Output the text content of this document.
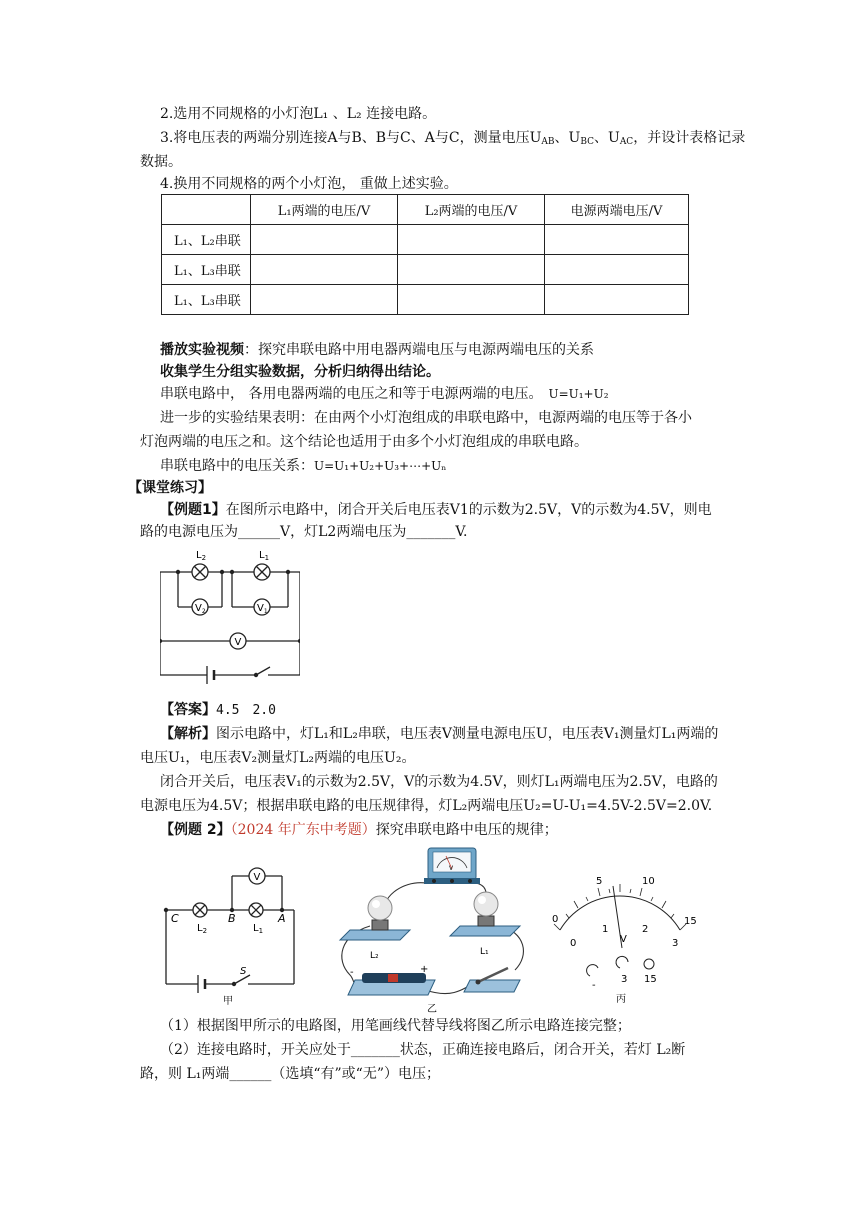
2.选用不同规格的小灯泡L₁ 、L₂ 连接电路。
3.将电压表的两端分别连接A与B、B与C、A与C，测量电压$U_{AB}$、$U_{BC}$、$U_{AC}$，并设计表格记录
数据。
4.换用不同规格的两个小灯泡， 重做上述实验。
	L₁两端的电压/V	L₂两端的电压/V	电源两端电压/V
L₁、L₂串联			
L₁、L₃串联			
L₁、L₃串联			
播放实验视频：探究串联电路中用电器两端电压与电源两端电压的关系
收集学生分组实验数据，分析归纳得出结论。
串联电路中， 各用电器两端的电压之和等于电源两端的电压。 U=U₁+U₂
进一步的实验结果表明：在由两个小灯泡组成的串联电路中，电源两端的电压等于各小
灯泡两端的电压之和。这个结论也适用于由多个小灯泡组成的串联电路。
串联电路中的电压关系：U=U₁+U₂+U₃+⋯+Uₙ
【课堂练习】
【例题1】在图所示电路中，闭合开关后电压表V1的示数为2.5V，V的示数为4.5V，则电
路的电源电压为______V，灯L2两端电压为_______V.
$L_2$	$L_1$
$V_2$	$V_1$
V
【答案】4.5　2.0
【解析】图示电路中，灯L₁和L₂串联，电压表V测量电源电压U，电压表V₁测量灯L₁两端的
电压U₁，电压表V₂测量灯L₂两端的电压U₂。
闭合开关后，电压表V₁的示数为2.5V，V的示数为4.5V，则灯L₁两端电压为2.5V，电路的
电源电压为4.5V；根据串联电路的电压规律得，灯L₂两端电压U₂=U-U₁=4.5V-2.5V=2.0V.
【例题 2】（2024 年广东中考题）探究串联电路中电压的规律；
V
C	B	A
$L_2$	$L_1$
S
甲
V
L₂	L₁
-	+
乙
5	10
15
0
0
1	2
3
V
-
3 15
丙
（1）根据图甲所示的电路图，用笔画线代替导线将图乙所示电路连接完整；
（2）连接电路时，开关应处于_______状态，正确连接电路后，闭合开关，若灯 L₂断
路，则 L₁两端______（选填“有”或“无”）电压；
